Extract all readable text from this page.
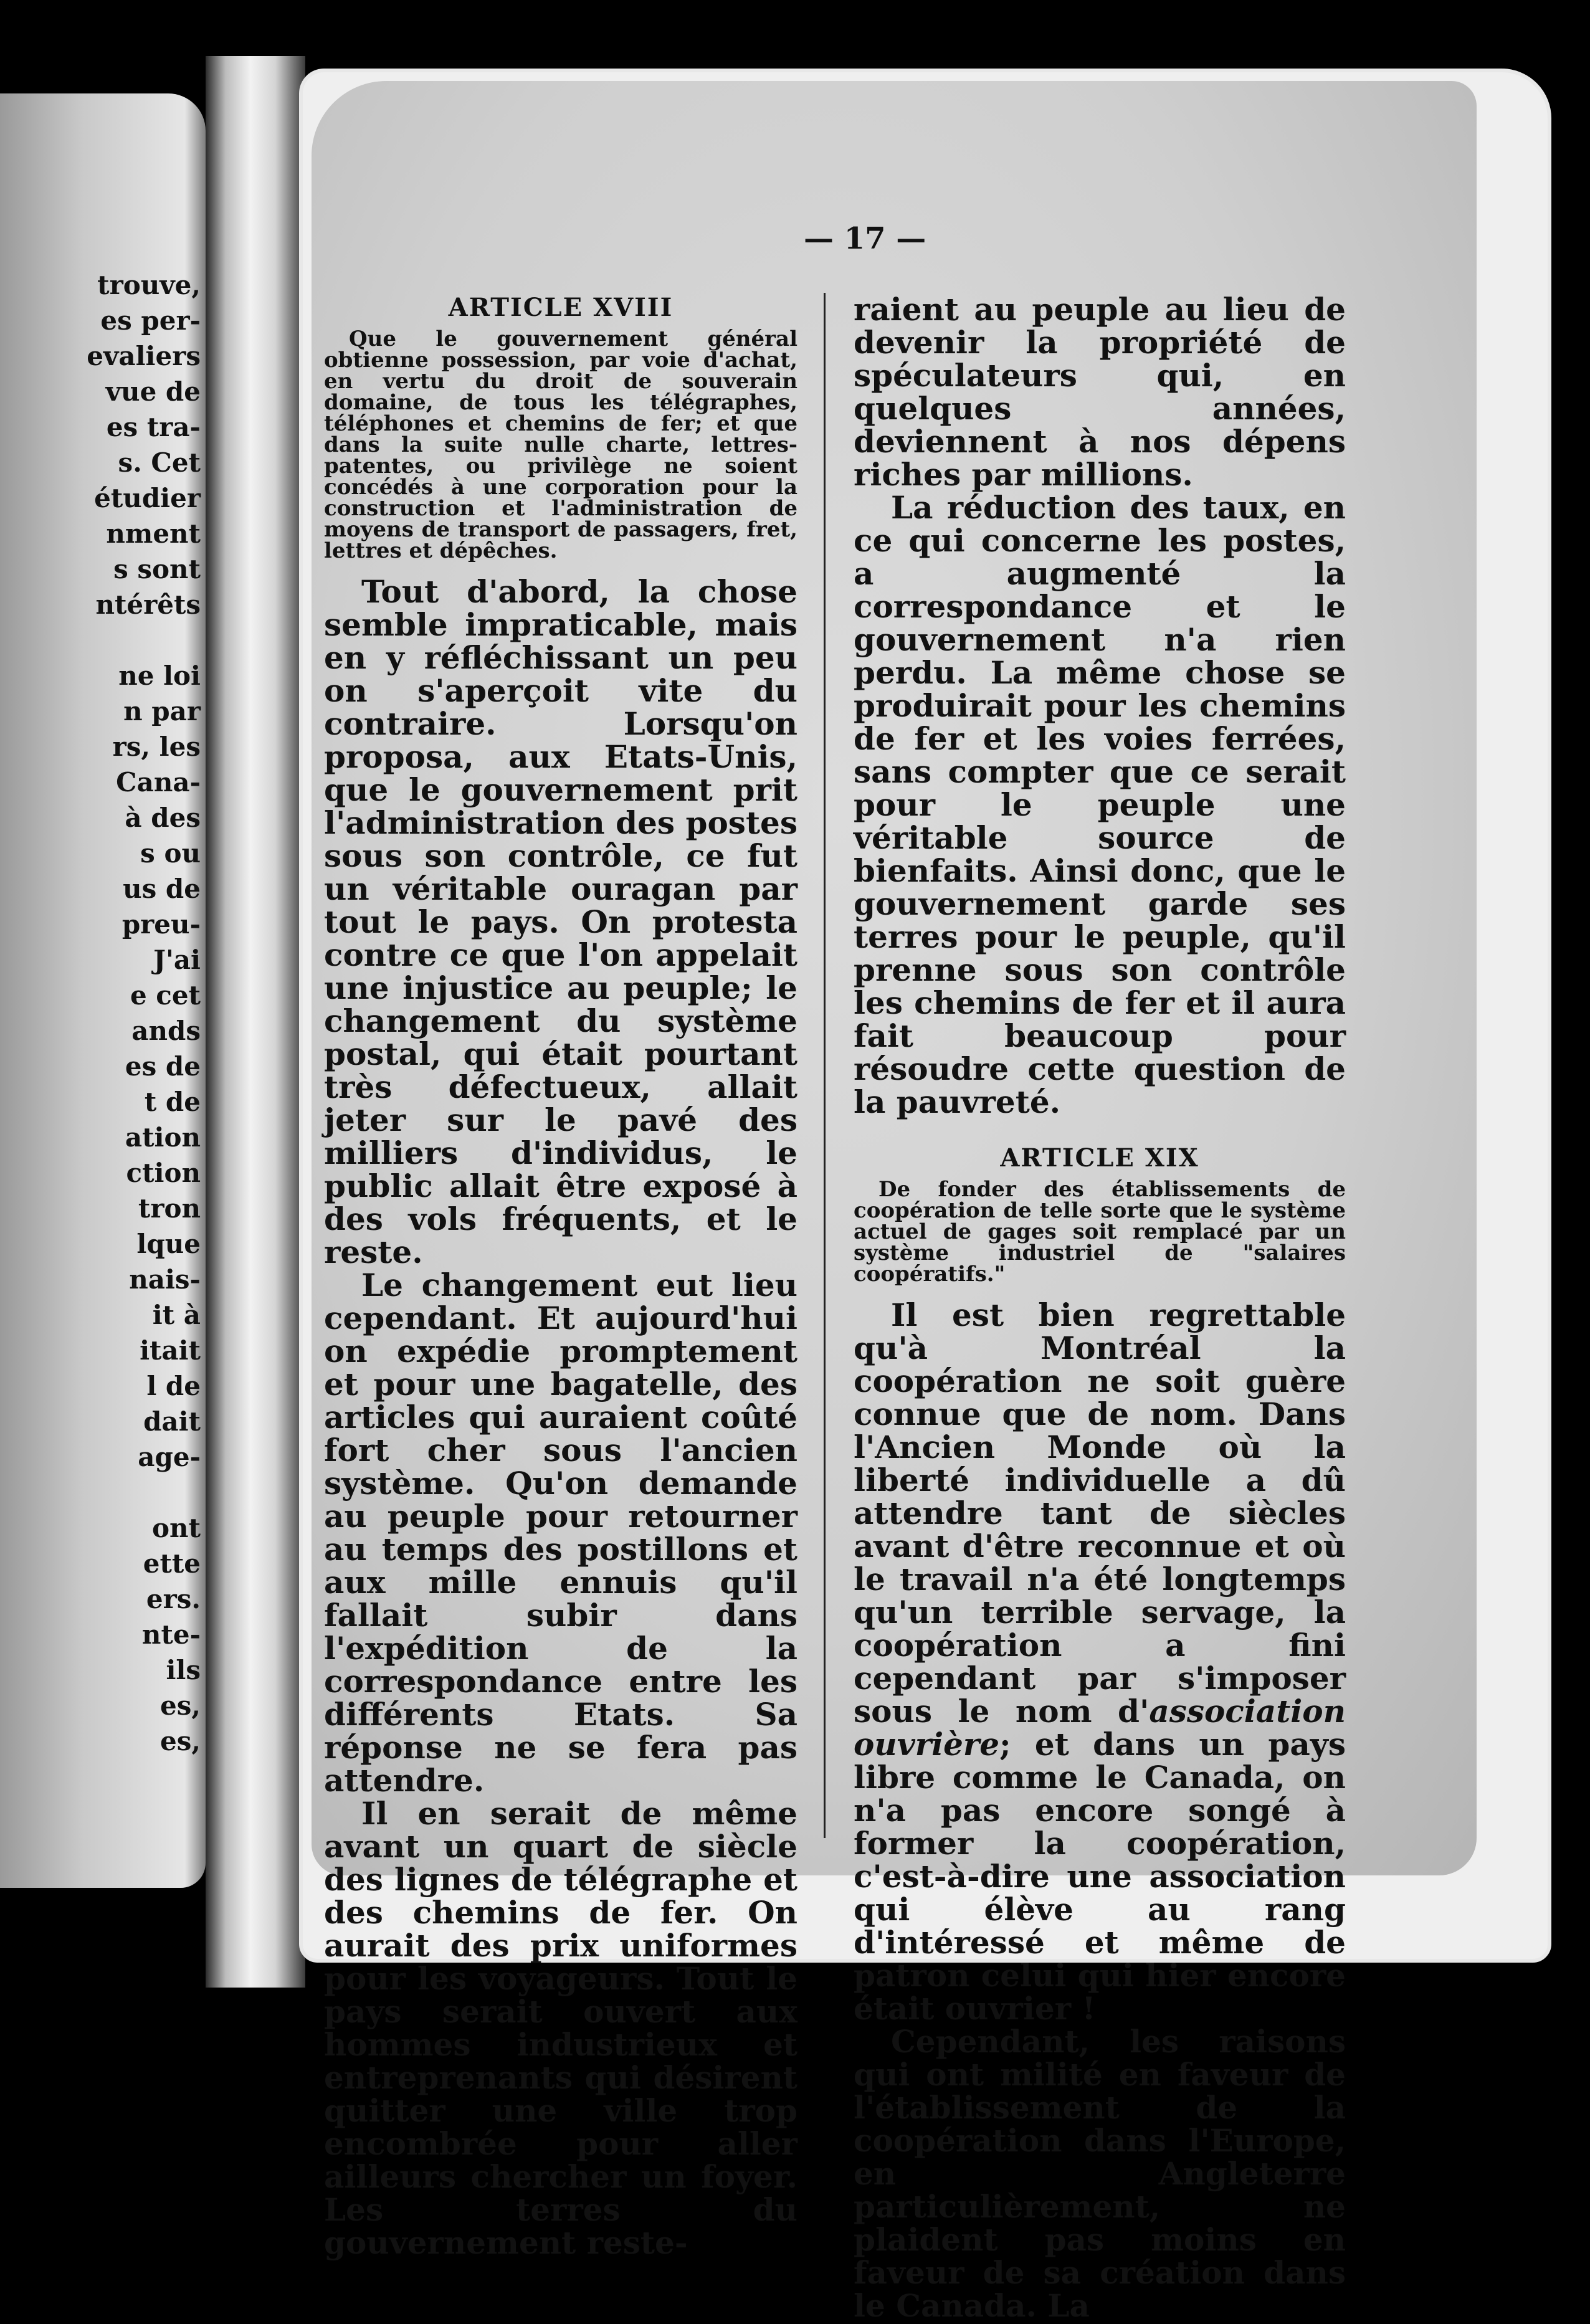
trouve,
es per-
evaliers
vue de
es tra-
s. Cet
étudier
nment
s sont
ntérêts
ne loi
n par
rs, les
Cana-
à des
s ou
us de
preu-
J'ai
e cet
ands
es de
t de
ation
ction
tron
lque
nais-
it à
itait
l de
dait
age-
ont
ette
ers.
nte-
ils
es,
es,
— 17 —
ARTICLE XVIII

Que le gouvernement général obtienne possession, par voie d'achat, en vertu du droit de souverain domaine, de tous les télégraphes, téléphones et chemins de fer; et que dans la suite nulle charte, lettres-patentes, ou privilège ne soient concédés à une corporation pour la construction et l'administration de moyens de transport de passagers, fret, lettres et dépêches.

Tout d'abord, la chose semble impraticable, mais en y réfléchissant un peu on s'aperçoit vite du contraire. Lorsqu'on proposa, aux Etats-Unis, que le gouvernement prit l'administration des postes sous son contrôle, ce fut un véritable ouragan par tout le pays. On protesta contre ce que l'on appelait une injustice au peuple; le changement du système postal, qui était pourtant très défectueux, allait jeter sur le pavé des milliers d'individus, le public allait être exposé à des vols fréquents, et le reste.

Le changement eut lieu cependant. Et aujourd'hui on expédie promptement et pour une bagatelle, des articles qui auraient coûté fort cher sous l'ancien système. Qu'on demande au peuple pour retourner au temps des postillons et aux mille ennuis qu'il fallait subir dans l'expédition de la correspondance entre les différents Etats. Sa réponse ne se fera pas attendre.

Il en serait de même avant un quart de siècle des lignes de télégraphe et des chemins de fer. On aurait des prix uniformes pour les voyageurs. Tout le pays serait ouvert aux hommes industrieux et entreprenants qui désirent quitter une ville trop encombrée pour aller ailleurs chercher un foyer. Les terres du gouvernement reste-

raient au peuple au lieu de devenir la propriété de spéculateurs qui, en quelques années, deviennent à nos dépens riches par millions.

La réduction des taux, en ce qui concerne les postes, a augmenté la correspondance et le gouvernement n'a rien perdu. La même chose se produirait pour les chemins de fer et les voies ferrées, sans compter que ce serait pour le peuple une véritable source de bienfaits. Ainsi donc, que le gouvernement garde ses terres pour le peuple, qu'il prenne sous son contrôle les chemins de fer et il aura fait beaucoup pour résoudre cette question de la pauvreté.

ARTICLE XIX

De fonder des établissements de coopération de telle sorte que le système actuel de gages soit remplacé par un système industriel de "salaires coopératifs."

Il est bien regrettable qu'à Montréal la coopération ne soit guère connue que de nom. Dans l'Ancien Monde où la liberté individuelle a dû attendre tant de siècles avant d'être reconnue et où le travail n'a été longtemps qu'un terrible servage, la coopération a fini cependant par s'imposer sous le nom d'association ouvrière; et dans un pays libre comme le Canada, on n'a pas encore songé à former la coopération, c'est-à-dire une association qui élève au rang d'intéressé et même de patron celui qui hier encore était ouvrier !

Cependant, les raisons qui ont milité en faveur de l'établissement de la coopération dans l'Europe, en Angleterre particulièrement, ne plaident pas moins en faveur de sa création dans le Canada. La
